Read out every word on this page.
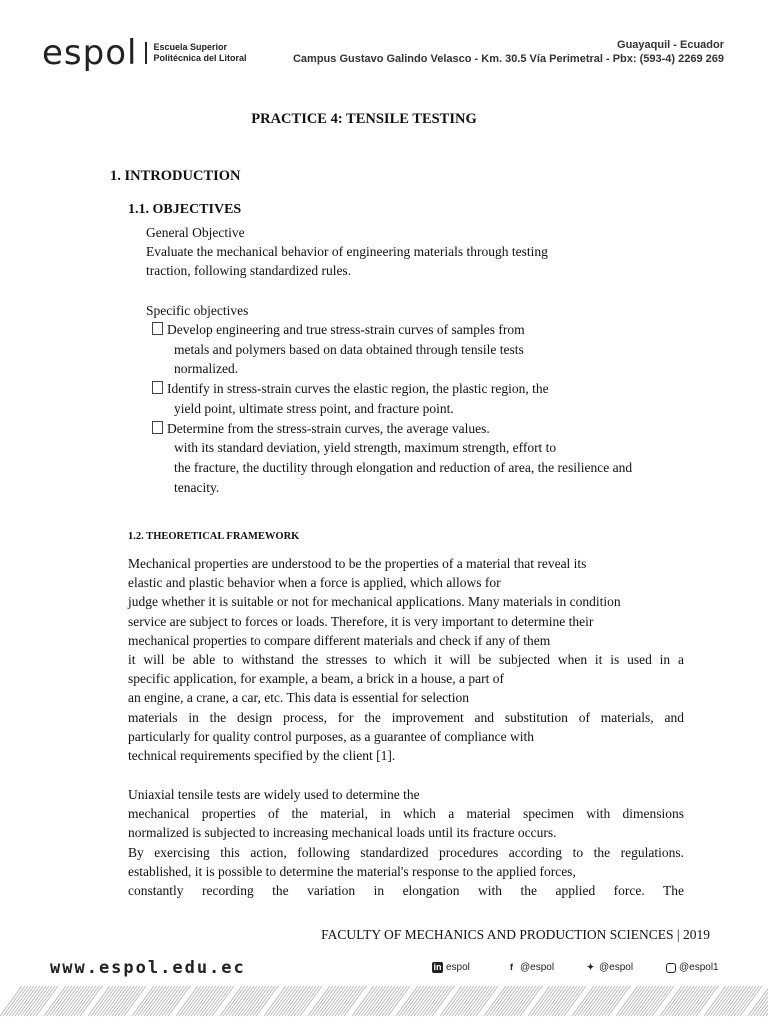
espol Escuela Superior
Politécnica del Litoral
Guayaquil - Ecuador
Campus Gustavo Galindo Velasco - Km. 30.5 Vía Perimetral - Pbx: (593-4) 2269 269
PRACTICE 4: TENSILE TESTING
1. INTRODUCTION
1.1. OBJECTIVES
General Objective
Evaluate the mechanical behavior of engineering materials through testing
traction, following standardized rules.
Specific objectives
Develop engineering and true stress-strain curves of samples from
metals and polymers based on data obtained through tensile tests
normalized.
Identify in stress-strain curves the elastic region, the plastic region, the
yield point, ultimate stress point, and fracture point.
Determine from the stress-strain curves, the average values.
with its standard deviation, yield strength, maximum strength, effort to
the fracture, the ductility through elongation and reduction of area, the resilience and
tenacity.
1.2. THEORETICAL FRAMEWORK
Mechanical properties are understood to be the properties of a material that reveal its
elastic and plastic behavior when a force is applied, which allows for
judge whether it is suitable or not for mechanical applications. Many materials in condition
service are subject to forces or loads. Therefore, it is very important to determine their
mechanical properties to compare different materials and check if any of them
it will be able to withstand the stresses to which it will be subjected when it is used in a
specific application, for example, a beam, a brick in a house, a part of
an engine, a crane, a car, etc. This data is essential for selection
materials in the design process, for the improvement and substitution of materials, and
particularly for quality control purposes, as a guarantee of compliance with
technical requirements specified by the client [1].
Uniaxial tensile tests are widely used to determine the
mechanical properties of the material, in which a material specimen with dimensions
normalized is subjected to increasing mechanical loads until its fracture occurs.
By exercising this action, following standardized procedures according to the regulations.
established, it is possible to determine the material's response to the applied forces,
constantly recording the variation in elongation with the applied force. The
FACULTY OF MECHANICS AND PRODUCTION SCIENCES | 2019
www.espol.edu.ec	in espol	f @espol	✦ @espol	@espol1
